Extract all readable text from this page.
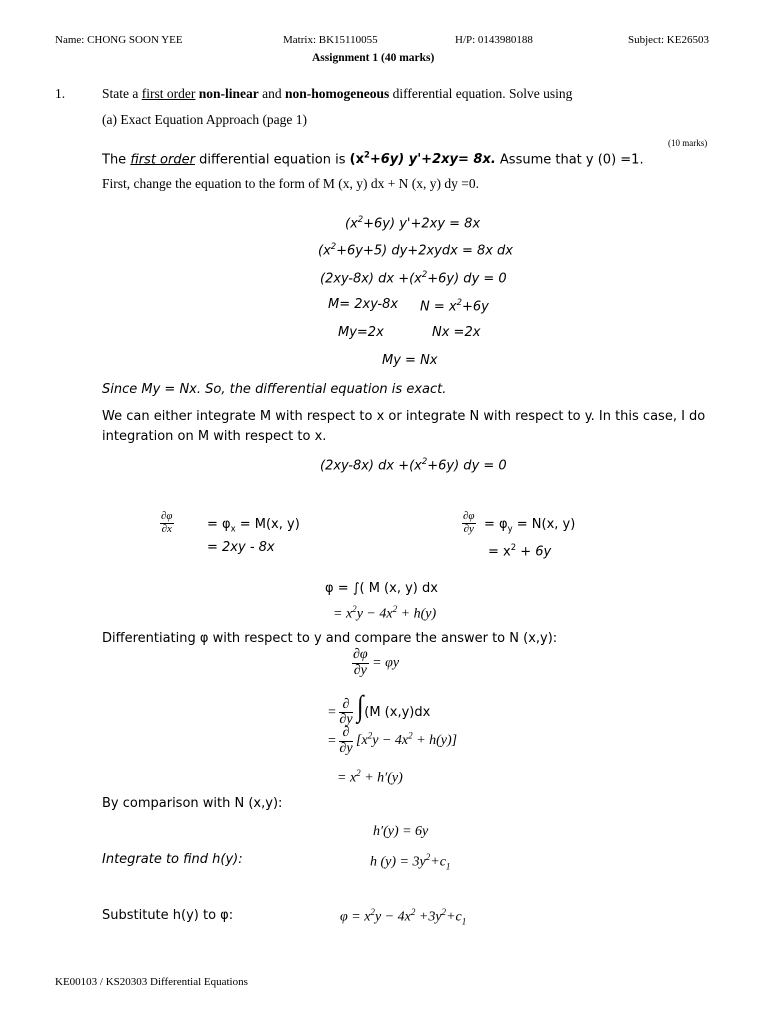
Name: CHONG SOON YEE	Matrix: BK15110055	H/P: 0143980188	Subject: KE26503
Assignment 1 (40 marks)
1.	State a first order non-linear and non-homogeneous differential equation. Solve using
(a) Exact Equation Approach (page 1)
(10 marks)
The first order differential equation is $(x^2+6y)$ y'+2xy= 8x. Assume that y (0) =1.
First, change the equation to the form of M (x, y) dx + N (x, y) dy =0.
$(x^2+6y) y'+2xy = 8x$
$(x^2+6y+5)$ dy+2xydx = 8x dx
(2xy-8x) dx $+(x^2+6y)$ dy = 0
M= 2xy-8x $N = x^2+6y$
My=2x	Nx =2x
My = Nx
Since My = Nx. So, the differential equation is exact.
We can either integrate M with respect to x or integrate N with respect to y. In this case, I do
integration on M with respect to x.
(2xy-8x) dx $+(x^2+6y)$ dy = 0
$\frac{\partial\varphi}{\partial x}$	= $\varphi_x = M(x$, y)
= 2xy - 8x
$\frac{\partial\varphi}{\partial y} = \varphi_y = N(x$, y)
= $x^2 + 6y$
φ = ∫( M (x, y) dx
= $x^2y - 4x^2 + h(y)$
Differentiating φ with respect to y and compare the answer to N (x,y):
$\frac{\partial\varphi}{\partial y} = \varphi y$
= $\frac{\partial}{\partial y} \int(M$ (x,y)dx
= $\frac{\partial}{\partial y} [x^2y - 4x^2 + h(y)]$
= $x^2 + h'(y)$
By comparison with N (x,y):
h′(y) = 6y
Integrate to find h(y):	h $(y) = 3y^2+c_1$
Substitute h(y) to φ:	$\varphi = x^2y - 4x^2 +3y^2+c_1$
KE00103 / KS20303 Differential Equations
